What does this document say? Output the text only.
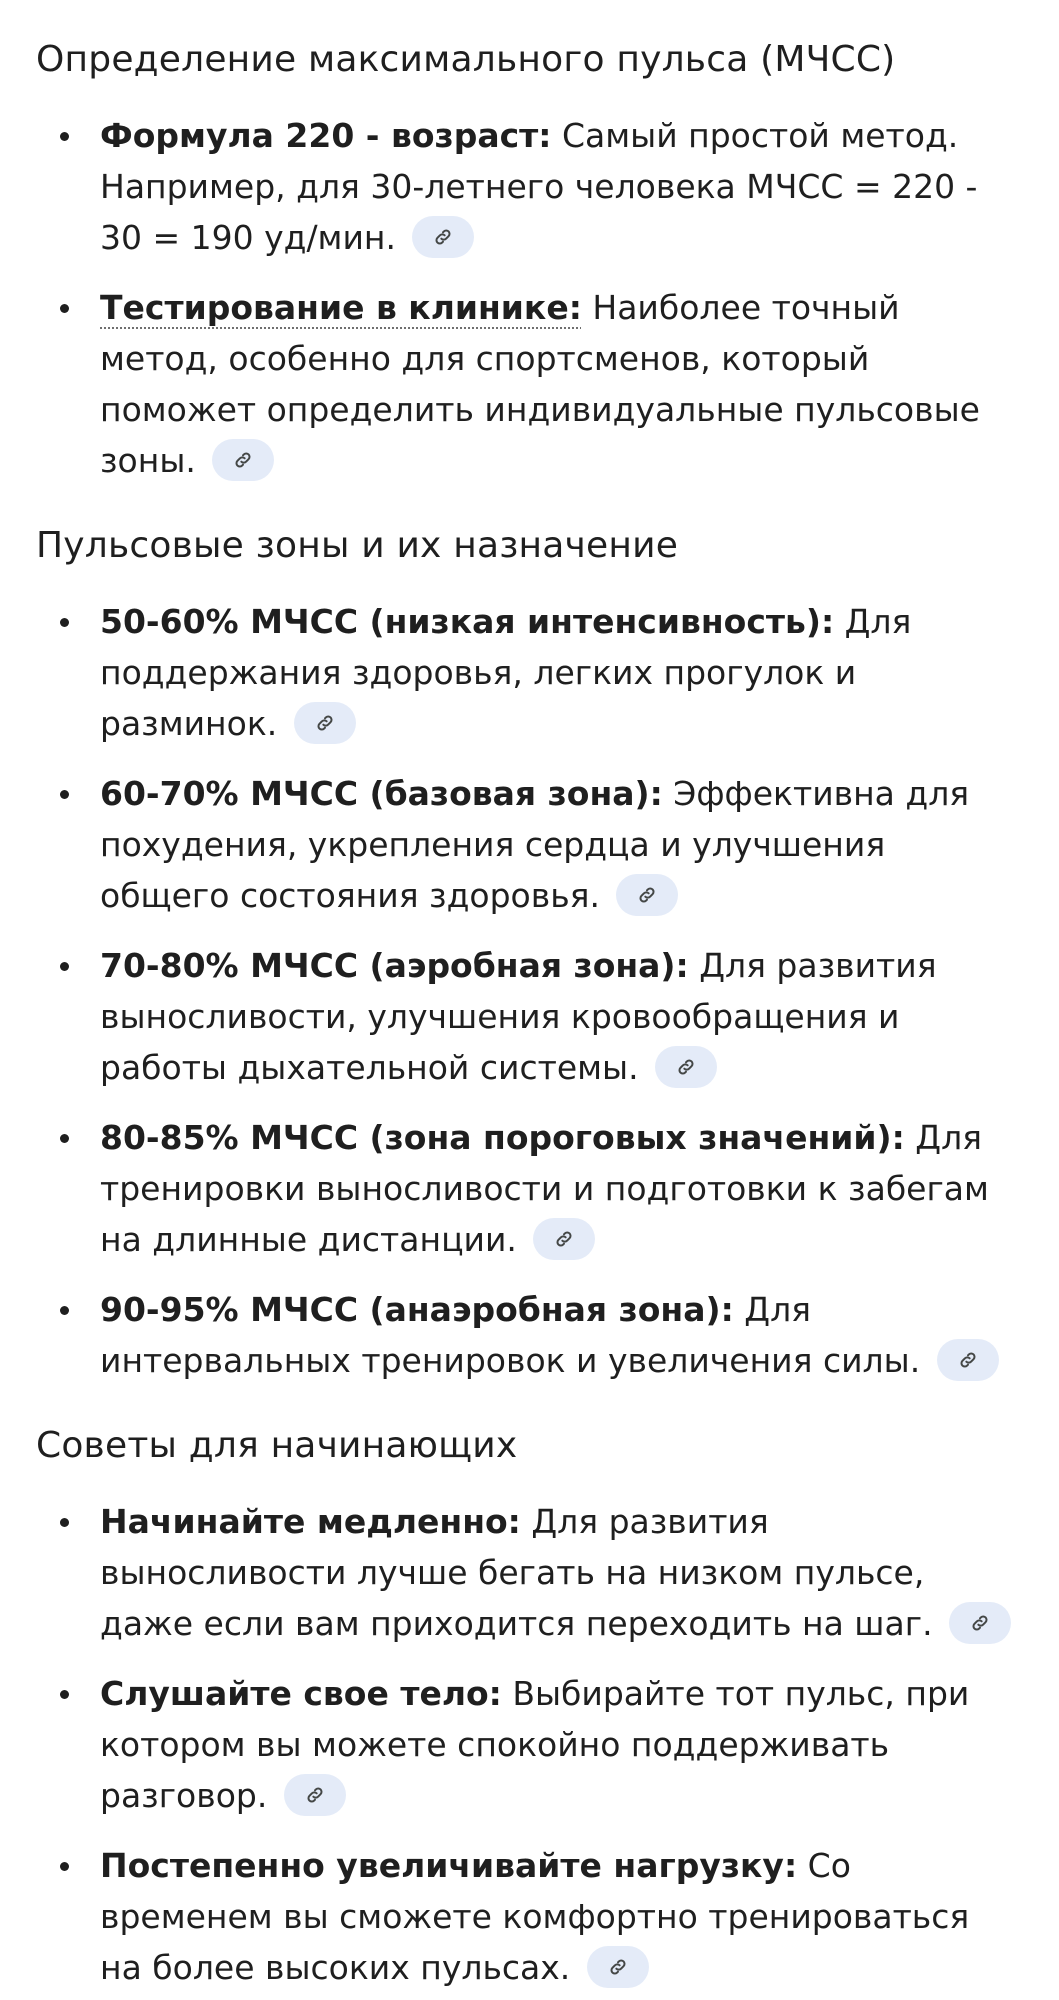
Определение максимального пульса (МЧСС)
Формула 220 - возраст: Самый простой метод. Например, для 30-летнего человека МЧСС = 220 - 30 = 190 уд/мин.
Тестирование в клинике: Наиболее точный метод, особенно для спортсменов, который поможет определить индивидуальные пульсовые зоны.
Пульсовые зоны и их назначение
50-60% МЧСС (низкая интенсивность): Для поддержания здоровья, легких прогулок и разминок.
60-70% МЧСС (базовая зона): Эффективна для похудения, укрепления сердца и улучшения общего состояния здоровья.
70-80% МЧСС (аэробная зона): Для развития выносливости, улучшения кровообращения и работы дыхательной системы.
80-85% МЧСС (зона пороговых значений): Для тренировки выносливости и подготовки к забегам на длинные дистанции.
90-95% МЧСС (анаэробная зона): Для интервальных тренировок и увеличения силы.
Советы для начинающих
Начинайте медленно: Для развития выносливости лучше бегать на низком пульсе, даже если вам приходится переходить на шаг.
Слушайте свое тело: Выбирайте тот пульс, при котором вы можете спокойно поддерживать разговор.
Постепенно увеличивайте нагрузку: Со временем вы сможете комфортно тренироваться на более высоких пульсах.
